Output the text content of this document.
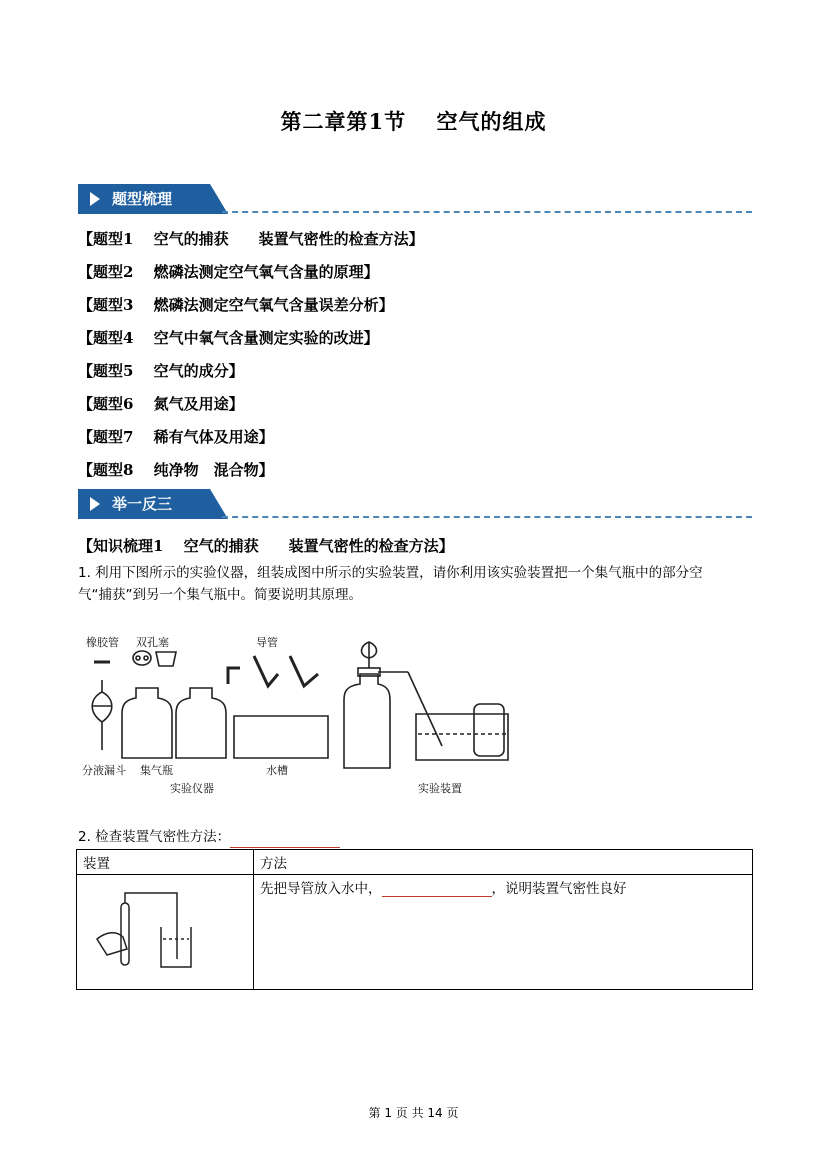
第二章第1节　 空气的组成
题型梳理
【题型1　 空气的捕获　　装置气密性的检查方法】
【题型2　 燃磷法测定空气氧气含量的原理】
【题型3　 燃磷法测定空气氧气含量误差分析】
【题型4　 空气中氧气含量测定实验的改进】
【题型5　 空气的成分】
【题型6　 氮气及用途】
【题型7　 稀有气体及用途】
【题型8　 纯净物　混合物】
举一反三
【知识梳理1　 空气的捕获　　装置气密性的检查方法】
1. 利用下图所示的实验仪器，组装成图中所示的实验装置，请你利用该实验装置把一个集气瓶中的部分空
气“捕获”到另一个集气瓶中。简要说明其原理。
橡胶管 双孔塞	导管
分液漏斗 集气瓶
实验仪器
水槽
实验装置
2. 检查装置气密性方法：
装置	方法
	先把导管放入水中， ，说明装置气密性良好
第 1 页 共 14 页
